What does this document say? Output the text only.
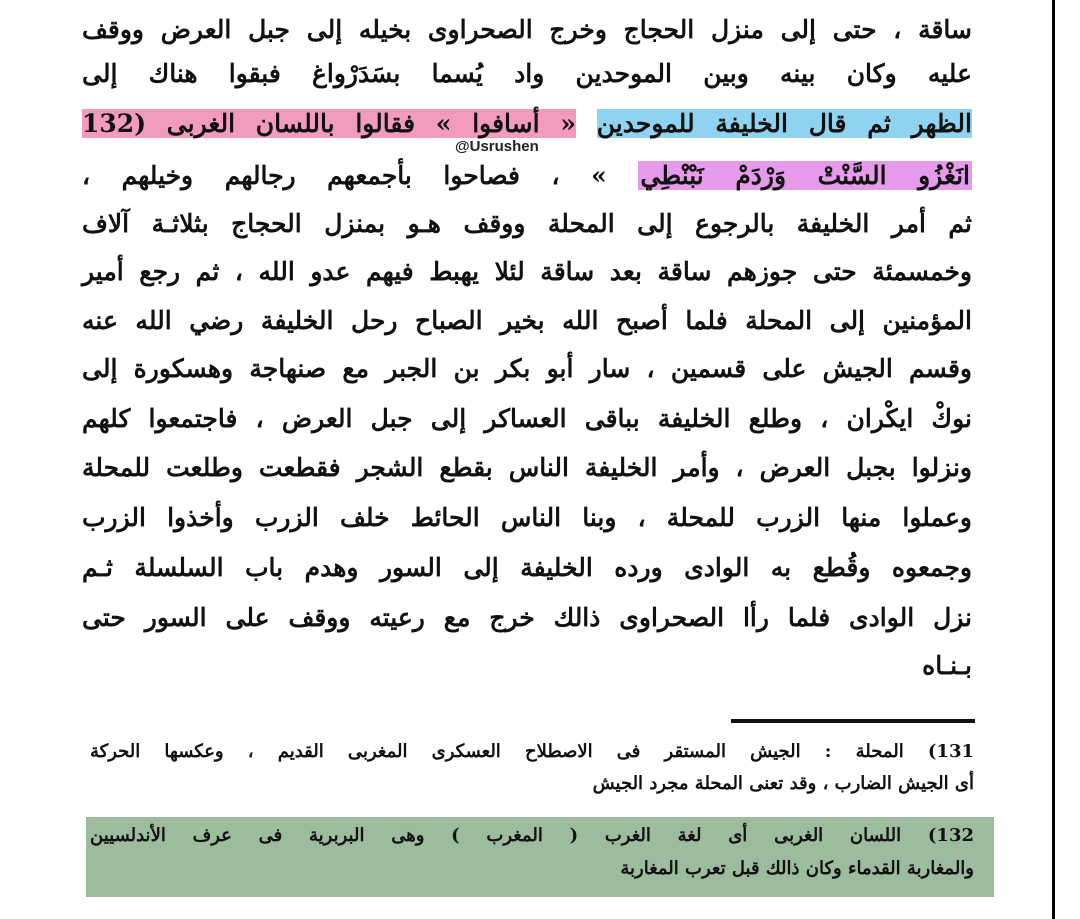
ساقة ، حتى إلى منزل الحجاج وخرج الصحراوى بخيله إلى جبل العرض ووقف
عليه وكان بينه وبين الموحدين واد يُسما بسَدَرْواغ فبقوا هناك إلى
الظهر ثم قال الخليفة للموحدين « أسافوا » فقالوا باللسان الغربى (132
انَغْزُو السَّنْتْ وَرْدَمْ نَبْنْطِي » ، فصاحوا بأجمعهم رجالهم وخيلهم ،
@Usrushen
ثم أمر الخليفة بالرجوع إلى المحلة ووقف هـو بمنزل الحجاج بثلاثـة آلاف
وخمسمئة حتى جوزهم ساقة بعد ساقة لئلا يهبط فيهم عدو الله ، ثم رجع أمير
المؤمنين إلى المحلة فلما أصبح الله بخير الصباح رحل الخليفة رضي الله عنه
وقسم الجيش على قسمين ، سار أبو بكر بن الجبر مع صنهاجة وهسكورة إلى
نوكْ ايكْران ، وطلع الخليفة بباقى العساكر إلى جبل العرض ، فاجتمعوا كلهم
ونزلوا بجبل العرض ، وأمر الخليفة الناس بقطع الشجر فقطعت وطلعت للمحلة
وعملوا منها الزرب للمحلة ، وبنا الناس الحائط خلف الزرب وأخذوا الزرب
وجمعوه وقُطع به الوادى ورده الخليفة إلى السور وهدم باب السلسلة ثـم
نزل الوادى فلما رأا الصحراوى ذالك خرج مع رعيته ووقف على السور حتى
بـنـاه
131) المحلة : الجيش المستقر فى الاصطلاح العسكرى المغربى القديم ، وعكسها الحركة
أى الجيش الضارب ، وقد تعنى المحلة مجرد الجيش
132) اللسان الغربى أى لغة الغرب ( المغرب ) وهى البربرية فى عرف الأندلسيين
والمغاربة القدماء وكان ذالك قبل تعرب المغاربة
